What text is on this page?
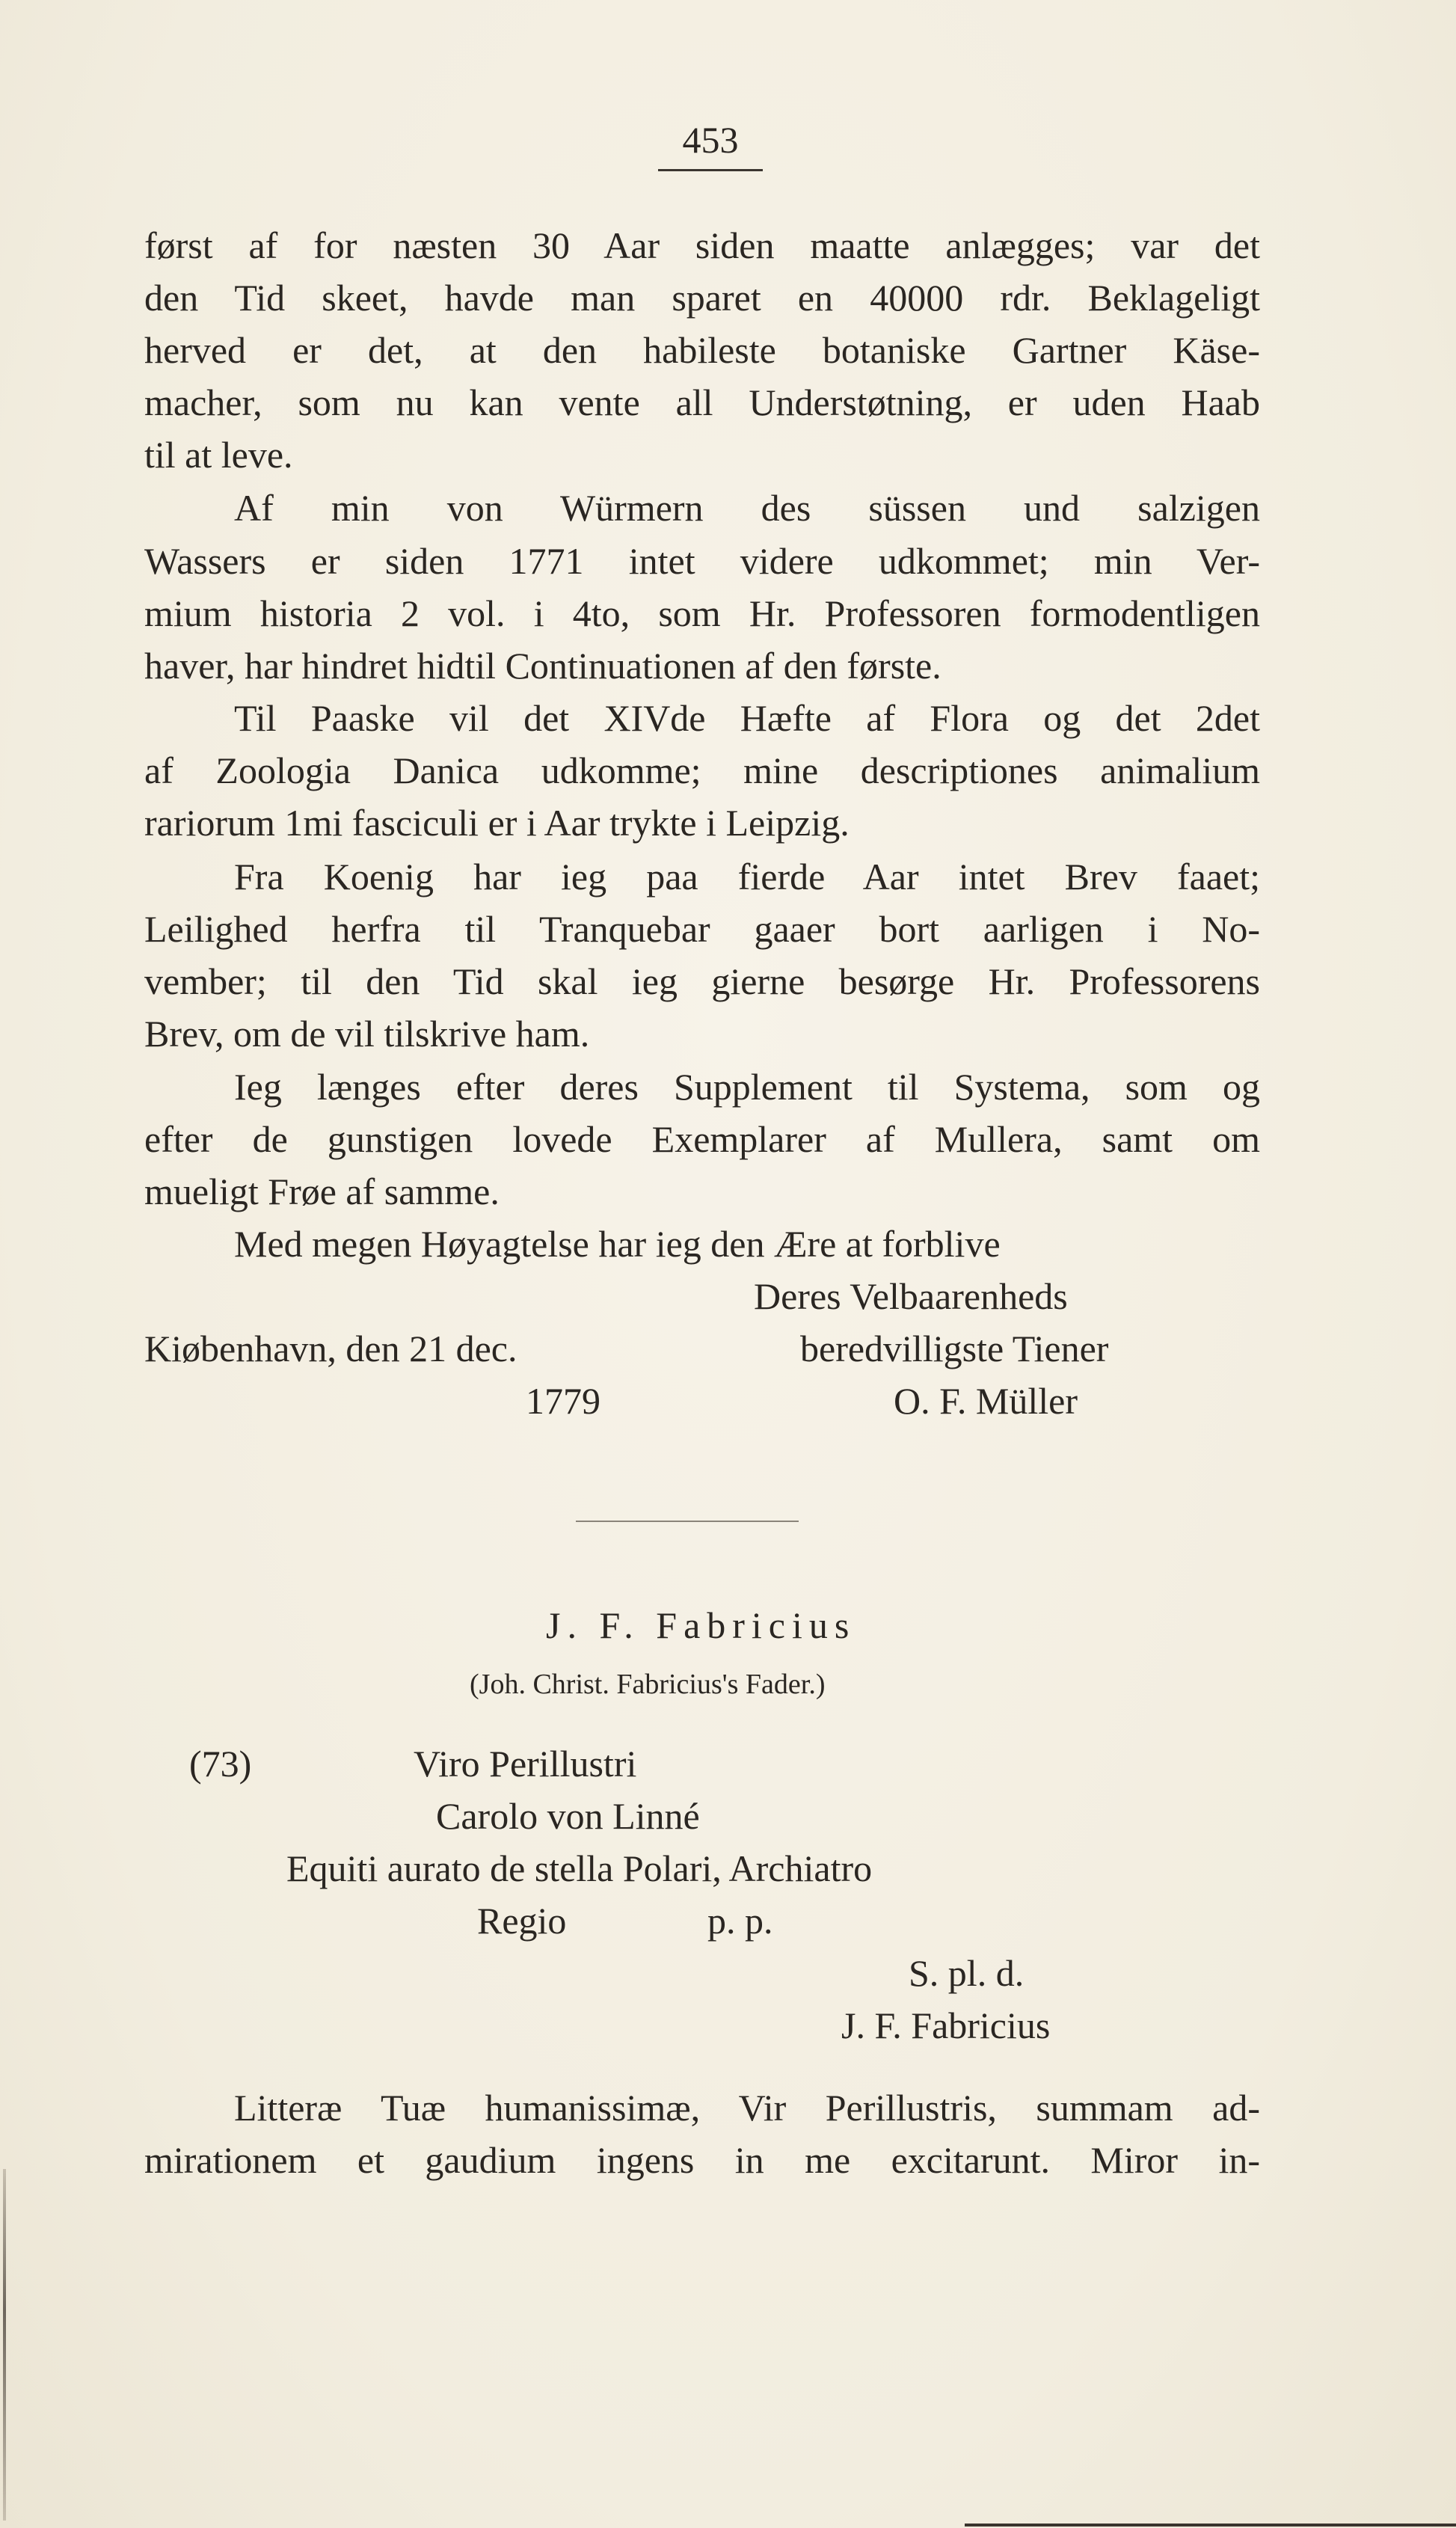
453
først af for næsten 30 Aar siden maatte anlægges; var det
den Tid skeet, havde man sparet en 40000 rdr. Beklageligt
herved er det, at den habileste botaniske Gartner Käse-
macher, som nu kan vente all Understøtning, er uden Haab
til at leve.
Af min von Würmern des süssen und salzigen
Wassers er siden 1771 intet videre udkommet; min Ver-
mium historia 2 vol. i 4to, som Hr. Professoren formodentligen
haver, har hindret hidtil Continuationen af den første.
Til Paaske vil det XIVde Hæfte af Flora og det 2det
af Zoologia Danica udkomme; mine descriptiones animalium
rariorum 1mi fasciculi er i Aar trykte i Leipzig.
Fra Koenig har ieg paa fierde Aar intet Brev faaet;
Leilighed herfra til Tranquebar gaaer bort aarligen i No-
vember; til den Tid skal ieg gierne besørge Hr. Professorens
Brev, om de vil tilskrive ham.
Ieg længes efter deres Supplement til Systema, som og
efter de gunstigen lovede Exemplarer af Mullera, samt om
mueligt Frøe af samme.
Med megen Høyagtelse har ieg den Ære at forblive
Deres Velbaarenheds
Kiøbenhavn, den 21 dec.	beredvilligste Tiener
1779	O. F. Müller
J. F. Fabricius
(Joh. Christ. Fabricius's Fader.)
(73)	Viro Perillustri
Carolo von Linné
Equiti aurato de stella Polari, Archiatro
Regio	p. p.
S. pl. d.
J. F. Fabricius
Litteræ Tuæ humanissimæ, Vir Perillustris, summam ad-
mirationem et gaudium ingens in me excitarunt. Miror in-
